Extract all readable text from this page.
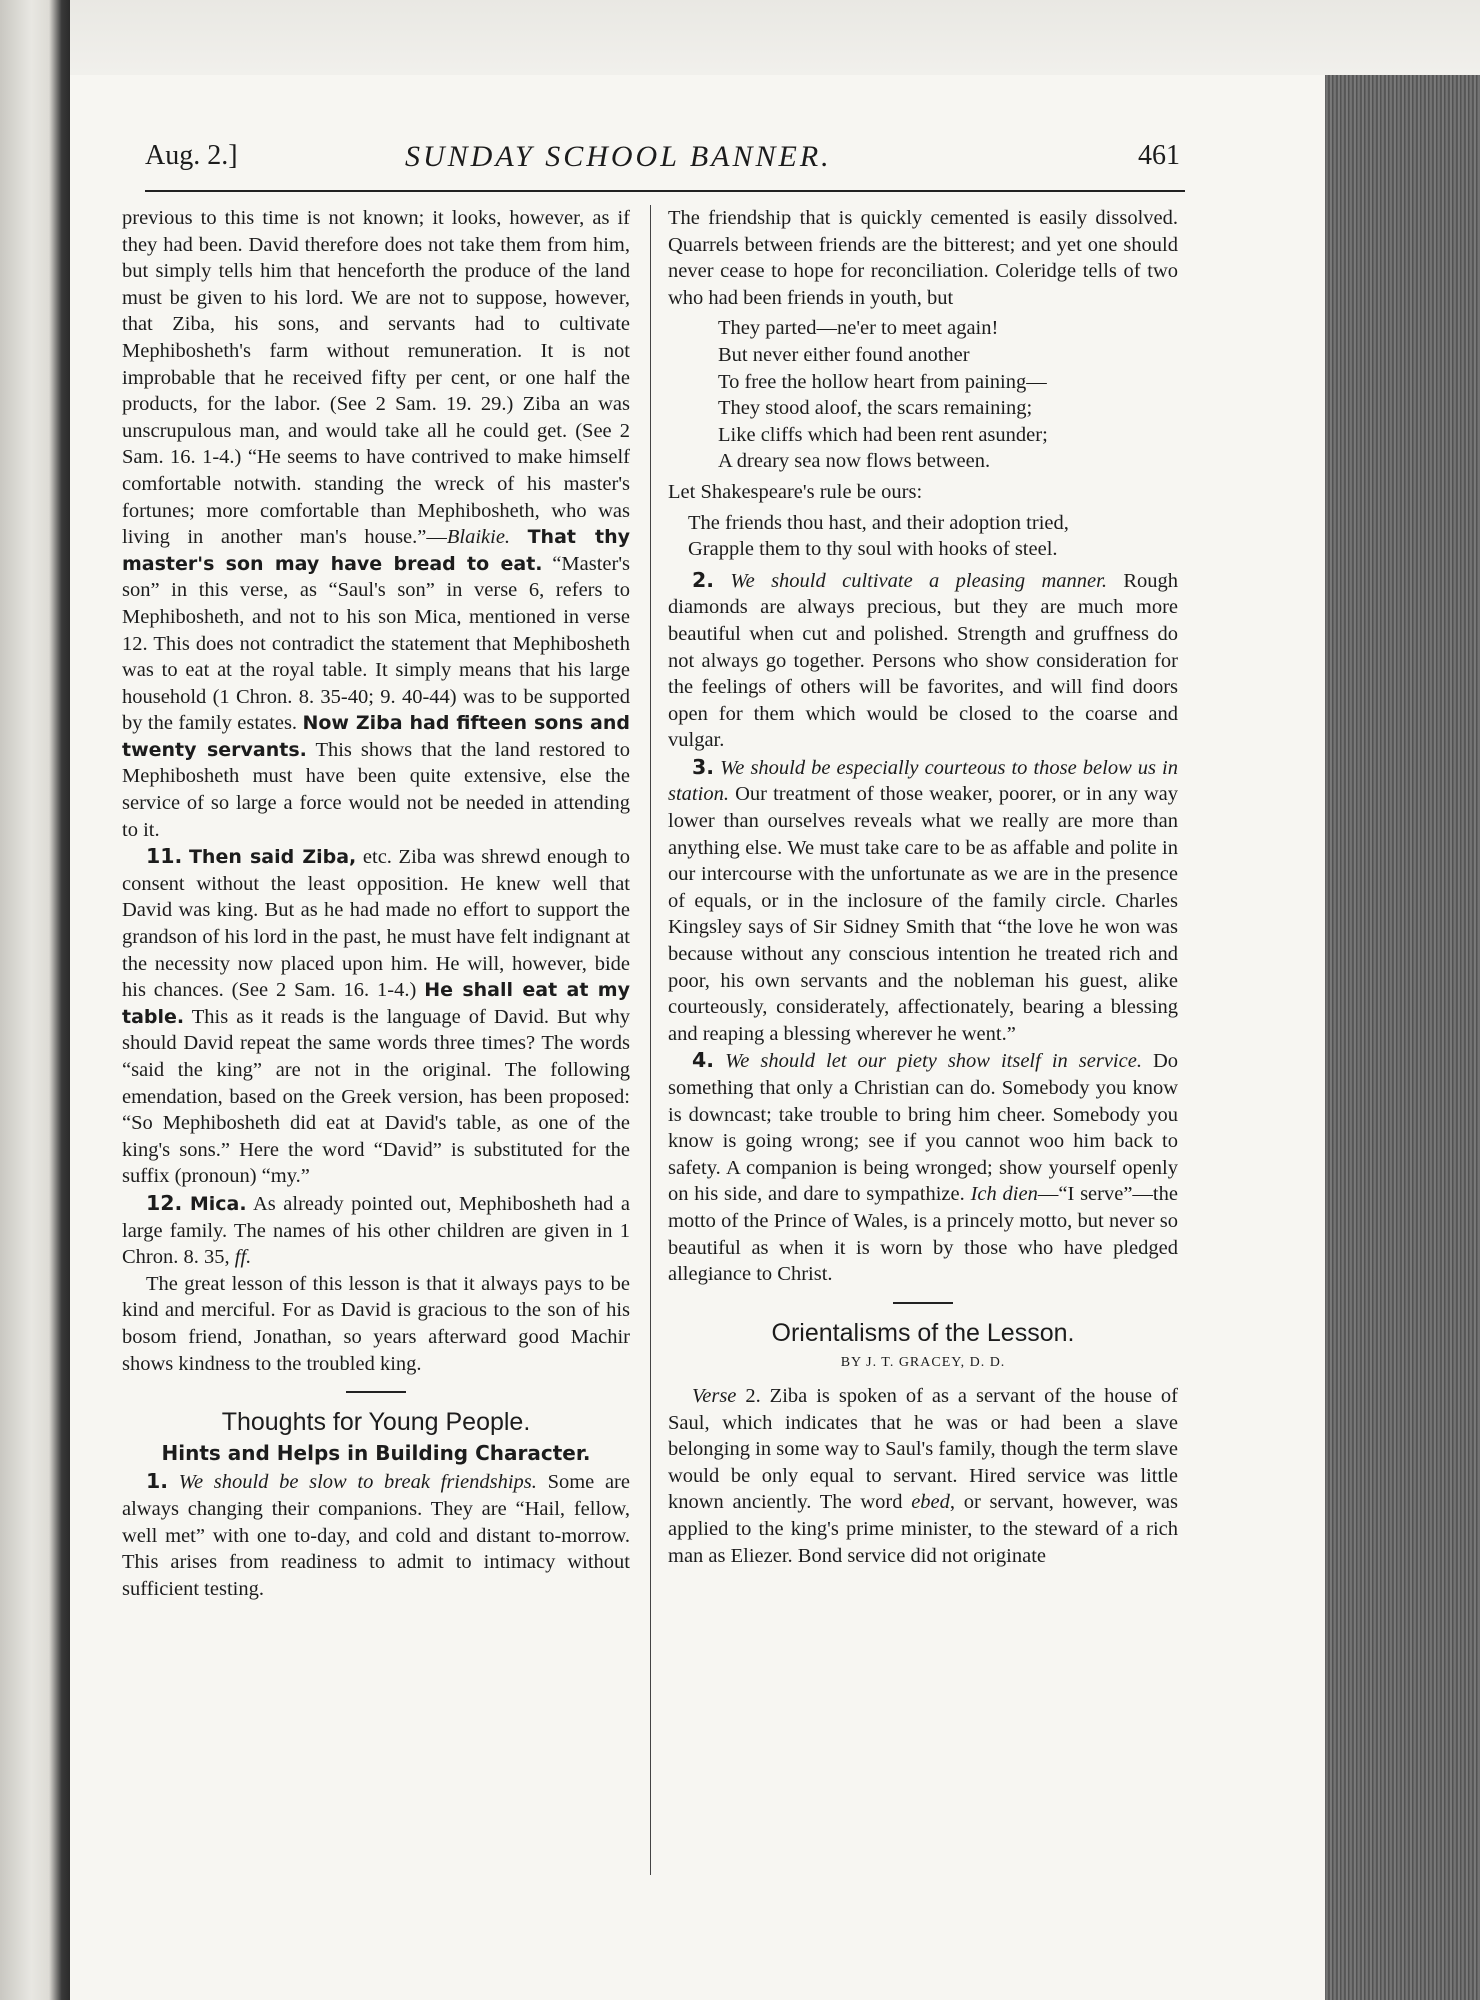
Aug. 2.]	SUNDAY SCHOOL BANNER.	461

previous to this time is not known; it looks, however, as if they had been. David therefore does not take them from him, but simply tells him that henceforth the produce of the land must be given to his lord. We are not to suppose, however, that Ziba, his sons, and servants had to cultivate Mephibosheth's farm without remuneration. It is not improbable that he received fifty per cent, or one half the products, for the labor. (See 2 Sam. 19. 29.) Ziba an was unscrupulous man, and would take all he could get. (See 2 Sam. 16. 1-4.) “He seems to have contrived to make himself comfortable notwith. standing the wreck of his master's fortunes; more comfortable than Mephibosheth, who was living in another man's house.”—Blaikie. That thy master's son may have bread to eat. “Master's son” in this verse, as “Saul's son” in verse 6, refers to Mephibosheth, and not to his son Mica, mentioned in verse 12. This does not contradict the statement that Mephibosheth was to eat at the royal table. It simply means that his large household (1 Chron. 8. 35-40; 9. 40-44) was to be supported by the family estates. Now Ziba had fifteen sons and twenty servants. This shows that the land restored to Mephibosheth must have been quite extensive, else the service of so large a force would not be needed in attending to it.

11. Then said Ziba, etc. Ziba was shrewd enough to consent without the least opposition. He knew well that David was king. But as he had made no effort to support the grandson of his lord in the past, he must have felt indignant at the necessity now placed upon him. He will, however, bide his chances. (See 2 Sam. 16. 1-4.) He shall eat at my table. This as it reads is the language of David. But why should David repeat the same words three times? The words “said the king” are not in the original. The following emendation, based on the Greek version, has been proposed: “So Mephibosheth did eat at David's table, as one of the king's sons.” Here the word “David” is substituted for the suffix (pronoun) “my.”

12. Mica. As already pointed out, Mephibosheth had a large family. The names of his other children are given in 1 Chron. 8. 35, ff.

The great lesson of this lesson is that it always pays to be kind and merciful. For as David is gracious to the son of his bosom friend, Jonathan, so years afterward good Machir shows kindness to the troubled king.

Thoughts for Young People.
Hints and Helps in Building Character.

1. We should be slow to break friendships. Some are always changing their companions. They are “Hail, fellow, well met” with one to-day, and cold and distant to-morrow. This arises from readiness to admit to intimacy without sufficient testing.

The friendship that is quickly cemented is easily dissolved. Quarrels between friends are the bitterest; and yet one should never cease to hope for reconciliation. Coleridge tells of two who had been friends in youth, but

They parted—ne'er to meet again!
But never either found another
To free the hollow heart from paining—
They stood aloof, the scars remaining;
Like cliffs which had been rent asunder;
A dreary sea now flows between.

Let Shakespeare's rule be ours:

The friends thou hast, and their adoption tried,
Grapple them to thy soul with hooks of steel.

2. We should cultivate a pleasing manner. Rough diamonds are always precious, but they are much more beautiful when cut and polished. Strength and gruffness do not always go together. Persons who show consideration for the feelings of others will be favorites, and will find doors open for them which would be closed to the coarse and vulgar.

3. We should be especially courteous to those below us in station. Our treatment of those weaker, poorer, or in any way lower than ourselves reveals what we really are more than anything else. We must take care to be as affable and polite in our intercourse with the unfortunate as we are in the presence of equals, or in the inclosure of the family circle. Charles Kingsley says of Sir Sidney Smith that “the love he won was because without any conscious intention he treated rich and poor, his own servants and the nobleman his guest, alike courteously, considerately, affectionately, bearing a blessing and reaping a blessing wherever he went.”

4. We should let our piety show itself in service. Do something that only a Christian can do. Somebody you know is downcast; take trouble to bring him cheer. Somebody you know is going wrong; see if you cannot woo him back to safety. A companion is being wronged; show yourself openly on his side, and dare to sympathize. Ich dien—“I serve”—the motto of the Prince of Wales, is a princely motto, but never so beautiful as when it is worn by those who have pledged allegiance to Christ.

Orientalisms of the Lesson.
BY J. T. GRACEY, D. D.

Verse 2. Ziba is spoken of as a servant of the house of Saul, which indicates that he was or had been a slave belonging in some way to Saul's family, though the term slave would be only equal to servant. Hired service was little known anciently. The word ebed, or servant, however, was applied to the king's prime minister, to the steward of a rich man as Eliezer. Bond service did not originate
